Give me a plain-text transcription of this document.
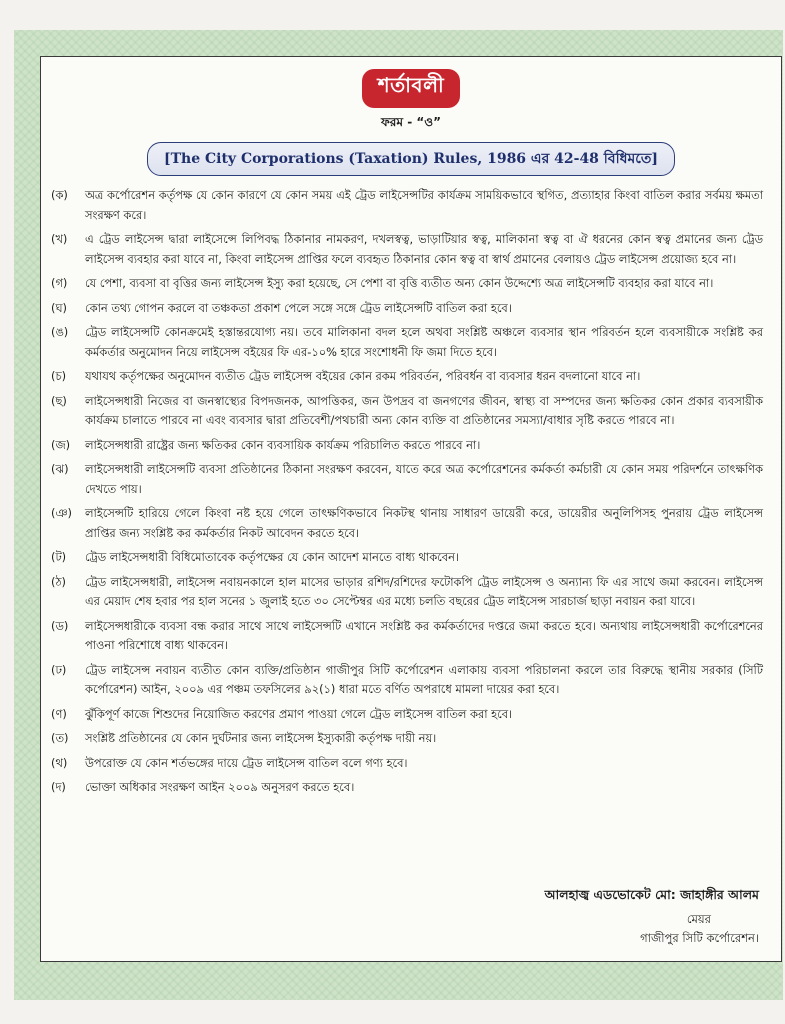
শর্তাবলী
ফরম - “ও”
[The City Corporations (Taxation) Rules, 1986 এর 42-48 বিধিমতে]
(ক)	অত্র কর্পোরেশন কর্তৃপক্ষ যে কোন কারণে যে কোন সময় এই ট্রেড লাইসেন্সটির কার্যক্রম সাময়িকভাবে স্থগিত, প্রত্যাহার কিংবা বাতিল করার সর্বময় ক্ষমতা সংরক্ষণ করে।
(খ)	এ ট্রেড লাইসেন্স দ্বারা লাইসেন্সে লিপিবদ্ধ ঠিকানার নামকরণ, দখলস্বত্ব, ভাড়াটিয়ার স্বত্ব, মালিকানা স্বত্ব বা ঐ ধরনের কোন স্বত্ব প্রমানের জন্য ট্রেড লাইসেন্স ব্যবহার করা যাবে না, কিংবা লাইসেন্স প্রাপ্তির ফলে ব্যবহৃত ঠিকানার কোন স্বত্ব বা স্বার্থ প্রমানের বেলায়ও ট্রেড লাইসেন্স প্রয়োজ্য হবে না।
(গ)	যে পেশা, ব্যবসা বা বৃত্তির জন্য লাইসেন্স ইস্যু করা হয়েছে, সে পেশা বা বৃত্তি ব্যতীত অন্য কোন উদ্দেশ্যে অত্র লাইসেন্সটি ব্যবহার করা যাবে না।
(ঘ)	কোন তথ্য গোপন করলে বা তঞ্চকতা প্রকাশ পেলে সঙ্গে সঙ্গে ট্রেড লাইসেন্সটি বাতিল করা হবে।
(ঙ)	ট্রেড লাইসেন্সটি কোনক্রমেই হস্তান্তরযোগ্য নয়। তবে মালিকানা বদল হলে অথবা সংশ্লিষ্ট অঞ্চলে ব্যবসার স্থান পরিবর্তন হলে ব্যবসায়ীকে সংশ্লিষ্ট কর কর্মকর্তার অনুমোদন নিয়ে লাইসেন্স বইয়ের ফি এর-১০% হারে সংশোধনী ফি জমা দিতে হবে।
(চ)	যথাযথ কর্তৃপক্ষের অনুমোদন ব্যতীত ট্রেড লাইসেন্স বইয়ের কোন রকম পরিবর্তন, পরিবর্ধন বা ব্যবসার ধরন বদলানো যাবে না।
(ছ)	লাইসেন্সধারী নিজের বা জনস্বাস্থ্যের বিপদজনক, আপত্তিকর, জন উপদ্রব বা জনগণের জীবন, স্বাস্থ্য বা সম্পদের জন্য ক্ষতিকর কোন প্রকার ব্যবসায়ীক কার্যক্রম চালাতে পারবে না এবং ব্যবসার দ্বারা প্রতিবেশী/পথচারী অন্য কোন ব্যক্তি বা প্রতিষ্ঠানের সমস্যা/বাধার সৃষ্টি করতে পারবে না।
(জ)	লাইসেন্সধারী রাষ্ট্রের জন্য ক্ষতিকর কোন ব্যবসায়িক কার্যক্রম পরিচালিত করতে পারবে না।
(ঝ)	লাইসেন্সধারী লাইসেন্সটি ব্যবসা প্রতিষ্ঠানের ঠিকানা সংরক্ষণ করবেন, যাতে করে অত্র কর্পোরেশনের কর্মকর্তা কর্মচারী যে কোন সময় পরিদর্শনে তাৎক্ষণিক দেখতে পায়।
(ঞ)	লাইসেন্সটি হারিয়ে গেলে কিংবা নষ্ট হয়ে গেলে তাৎক্ষণিকভাবে নিকটস্থ থানায় সাধারণ ডায়েরী করে, ডায়েরীর অনুলিপিসহ পুনরায় ট্রেড লাইসেন্স প্রাপ্তির জন্য সংশ্লিষ্ট কর কর্মকর্তার নিকট আবেদন করতে হবে।
(ট)	ট্রেড লাইসেন্সধারী বিধিমোতাবেক কর্তৃপক্ষের যে কোন আদেশ মানতে বাধ্য থাকবেন।
(ঠ)	ট্রেড লাইসেন্সধারী, লাইসেন্স নবায়নকালে হাল মাসের ভাড়ার রশিদ/রশিদের ফটোকপি ট্রেড লাইসেন্স ও অন্যান্য ফি এর সাথে জমা করবেন। লাইসেন্স এর মেয়াদ শেষ হবার পর হাল সনের ১ জুলাই হতে ৩০ সেপ্টেম্বর এর মধ্যে চলতি বছরের ট্রেড লাইসেন্স সারচার্জ ছাড়া নবায়ন করা যাবে।
(ড)	লাইসেন্সধারীকে ব্যবসা বন্ধ করার সাথে সাথে লাইসেন্সটি এখানে সংশ্লিষ্ট কর কর্মকর্তাদের দপ্তরে জমা করতে হবে। অন্যথায় লাইসেন্সধারী কর্পোরেশনের পাওনা পরিশোধে বাধ্য থাকবেন।
(ঢ)	ট্রেড লাইসেন্স নবায়ন ব্যতীত কোন ব্যক্তি/প্রতিষ্ঠান গাজীপুর সিটি কর্পোরেশন এলাকায় ব্যবসা পরিচালনা করলে তার বিরুদ্ধে স্থানীয় সরকার (সিটি কর্পোরেশন) আইন, ২০০৯ এর পঞ্চম তফসিলের ৯২(১) ধারা মতে বর্ণিত অপরাধে মামলা দায়ের করা হবে।
(ণ)	ঝুঁকিপূর্ণ কাজে শিশুদের নিয়োজিত করণের প্রমাণ পাওয়া গেলে ট্রেড লাইসেন্স বাতিল করা হবে।
(ত)	সংশ্লিষ্ট প্রতিষ্ঠানের যে কোন দুর্ঘটনার জন্য লাইসেন্স ইস্যুকারী কর্তৃপক্ষ দায়ী নয়।
(থ)	উপরোক্ত যে কোন শর্তভঙ্গের দায়ে ট্রেড লাইসেন্স বাতিল বলে গণ্য হবে।
(দ)	ভোক্তা অধিকার সংরক্ষণ আইন ২০০৯ অনুসরণ করতে হবে।
আলহাজ্ব এডভোকেট মো: জাহাঙ্গীর আলম
মেয়র
গাজীপুর সিটি কর্পোরেশন।
